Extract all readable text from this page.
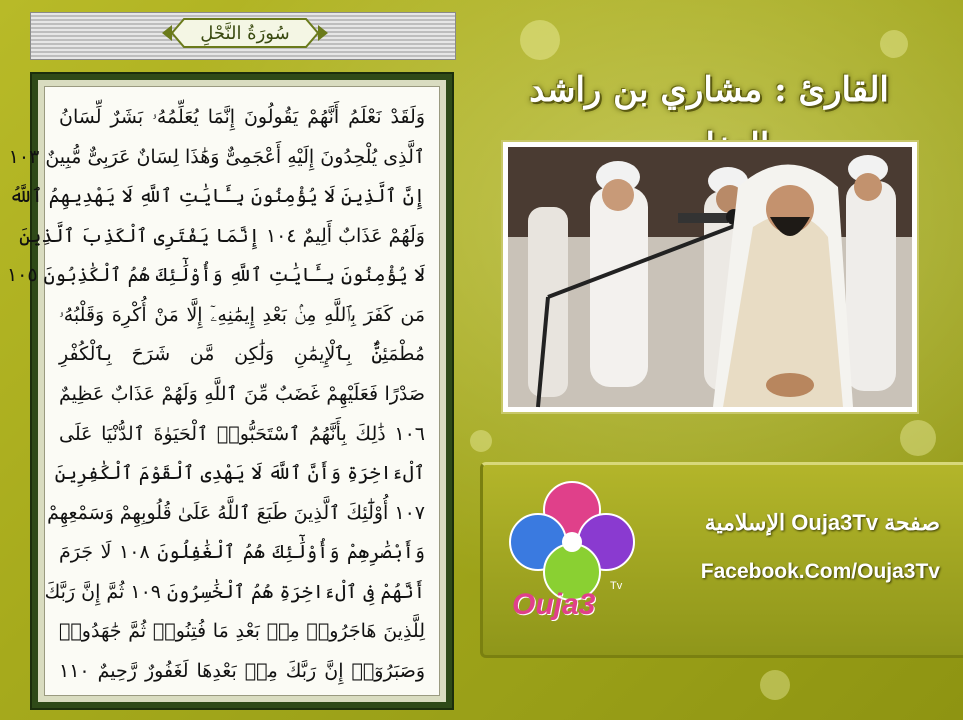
سُورَةُ النَّحْلِ
وَلَقَدْ نَعْلَمُ أَنَّهُمْ يَقُولُونَ إِنَّمَا يُعَلِّمُهُۥ بَشَرٌ لِّسَانُ
ٱلَّذِى يُلْحِدُونَ إِلَيْهِ أَعْجَمِىٌّ وَهَٰذَا لِسَانٌ عَرَبِىٌّ مُّبِينٌ ١٠٣
إِنَّ ٱلَّذِينَ لَا يُؤْمِنُونَ بِـَٔايَٰتِ ٱللَّهِ لَا يَهْدِيهِمُ ٱللَّهُ
وَلَهُمْ عَذَابٌ أَلِيمٌ ١٠٤ إِنَّمَا يَفْتَرِى ٱلْكَذِبَ ٱلَّذِينَ
لَا يُؤْمِنُونَ بِـَٔايَٰتِ ٱللَّهِ وَأُوْلَٰٓئِكَ هُمُ ٱلْكَٰذِبُونَ ١٠٥
مَن كَفَرَ بِٱللَّهِ مِنۢ بَعْدِ إِيمَٰنِهِۦٓ إِلَّا مَنْ أُكْرِهَ وَقَلْبُهُۥ
مُطْمَئِنٌّۢ بِٱلْإِيمَٰنِ وَلَٰكِن مَّن شَرَحَ بِٱلْكُفْرِ
صَدْرًا فَعَلَيْهِمْ غَضَبٌ مِّنَ ٱللَّهِ وَلَهُمْ عَذَابٌ عَظِيمٌ
١٠٦ ذَٰلِكَ بِأَنَّهُمُ ٱسْتَحَبُّوا۟ ٱلْحَيَوٰةَ ٱلدُّنْيَا عَلَى
ٱلْءَاخِرَةِ وَأَنَّ ٱللَّهَ لَا يَهْدِى ٱلْقَوْمَ ٱلْكَٰفِرِينَ
١٠٧ أُوْلَٰٓئِكَ ٱلَّذِينَ طَبَعَ ٱللَّهُ عَلَىٰ قُلُوبِهِمْ وَسَمْعِهِمْ
وَأَبْصَٰرِهِمْ وَأُوْلَٰٓئِكَ هُمُ ٱلْغَٰفِلُونَ ١٠٨ لَا جَرَمَ
أَنَّهُمْ فِى ٱلْءَاخِرَةِ هُمُ ٱلْخَٰسِرُونَ ١٠٩ ثُمَّ إِنَّ رَبَّكَ
لِلَّذِينَ هَاجَرُوا۟ مِنۢ بَعْدِ مَا فُتِنُوا۟ ثُمَّ جَٰهَدُوا۟
وَصَبَرُوٓا۟ إِنَّ رَبَّكَ مِنۢ بَعْدِهَا لَغَفُورٌ رَّحِيمٌ ١١٠
القارئ : مشاري بن راشد
Ouja3
Tv
صفحة Ouja3Tv الإسلامية
Facebook.Com/Ouja3Tv
